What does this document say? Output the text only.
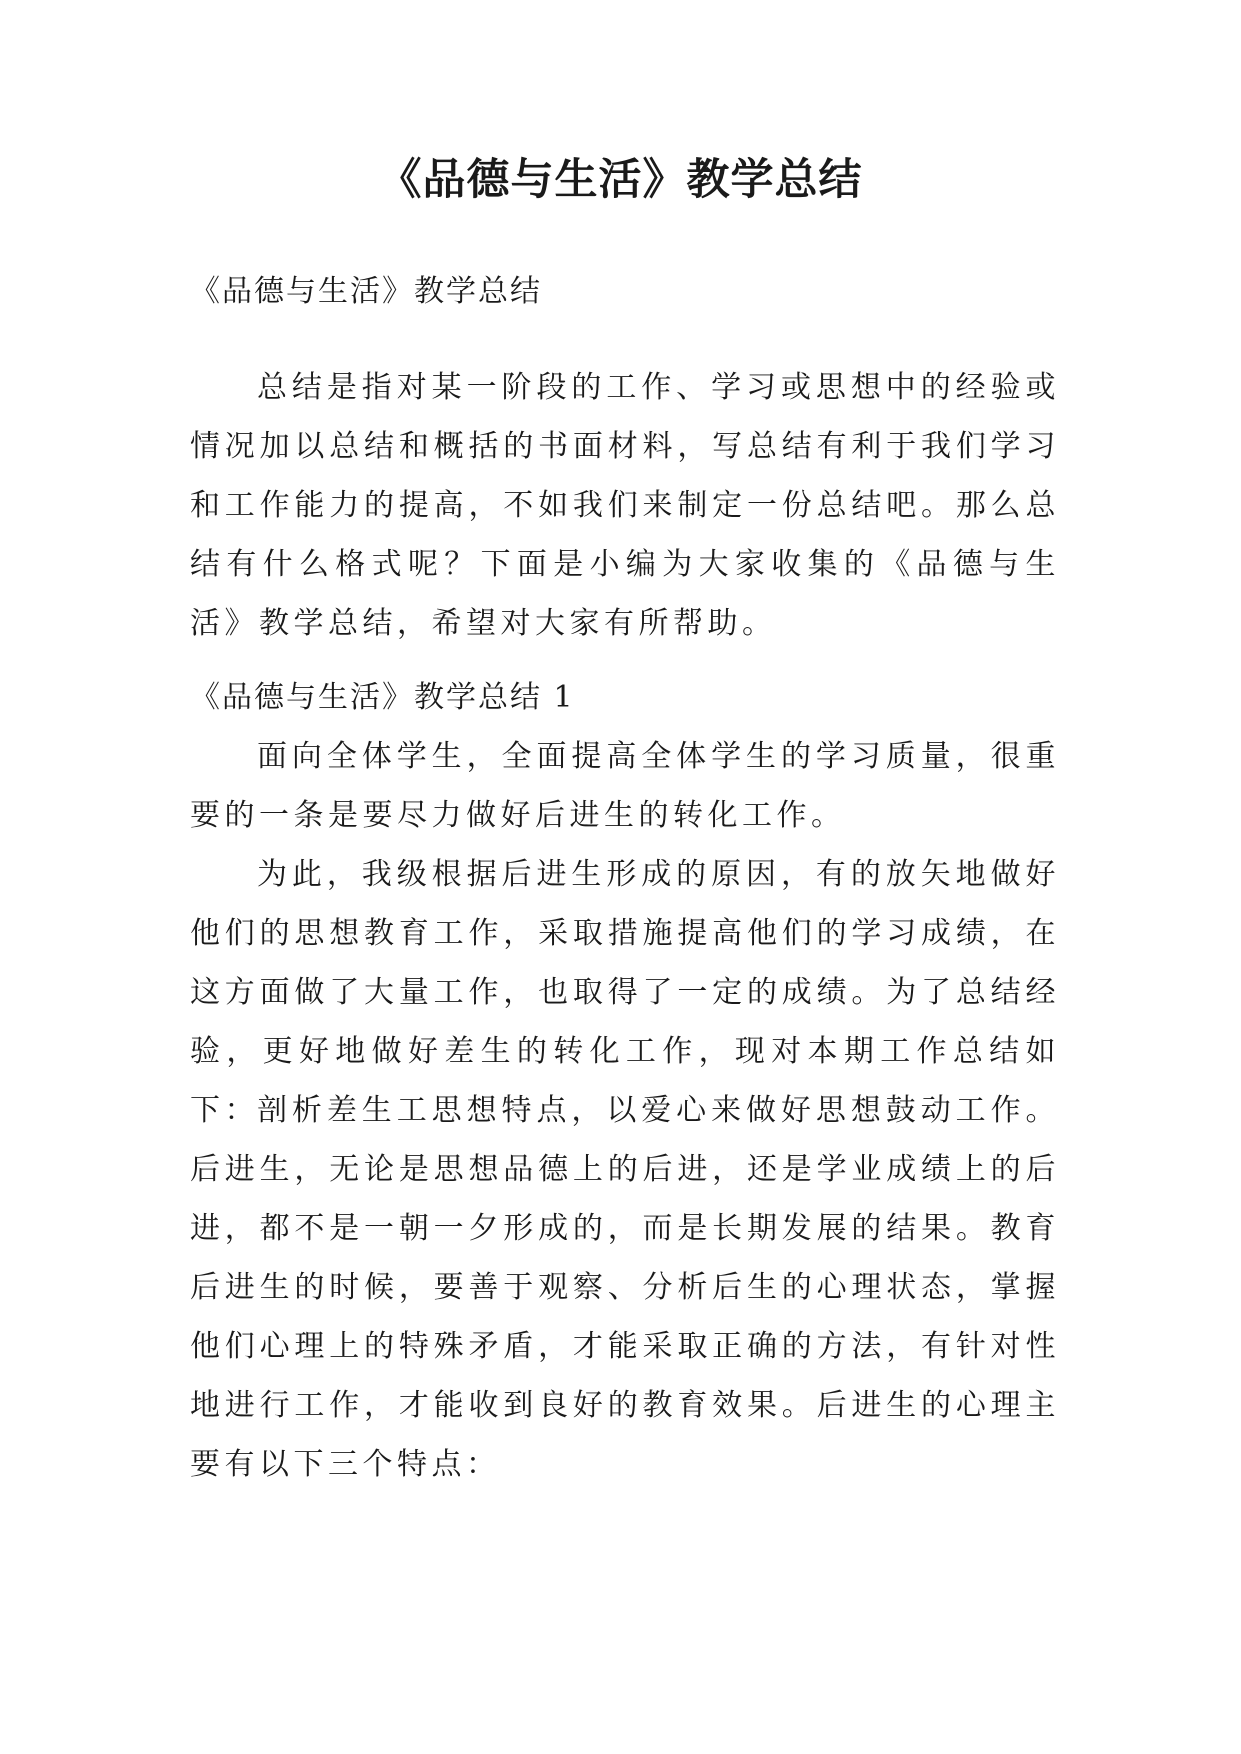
《品德与生活》教学总结

《品德与生活》教学总结

总结是指对某一阶段的工作、学习或思想中的经验或情况加以总结和概括的书面材料，写总结有利于我们学习和工作能力的提高，不如我们来制定一份总结吧。那么总结有什么格式呢？下面是小编为大家收集的《品德与生活》教学总结，希望对大家有所帮助。

《品德与生活》教学总结 1

面向全体学生，全面提高全体学生的学习质量，很重要的一条是要尽力做好后进生的转化工作。

为此，我级根据后进生形成的原因，有的放矢地做好他们的思想教育工作，采取措施提高他们的学习成绩，在这方面做了大量工作，也取得了一定的成绩。为了总结经验，更好地做好差生的转化工作，现对本期工作总结如下：

剖析差生工思想特点，以爱心来做好思想鼓动工作。后进生，无论是思想品德上的后进，还是学业成绩上的后进，都不是一朝一夕形成的，而是长期发展的结果。教育后进生的时候，要善于观察、分析后生的心理状态，掌握他们心理上的特殊矛盾，才能采取正确的方法，有针对性地进行工作，才能收到良好的教育效果。后进生的心理主要有以下三个特点：
